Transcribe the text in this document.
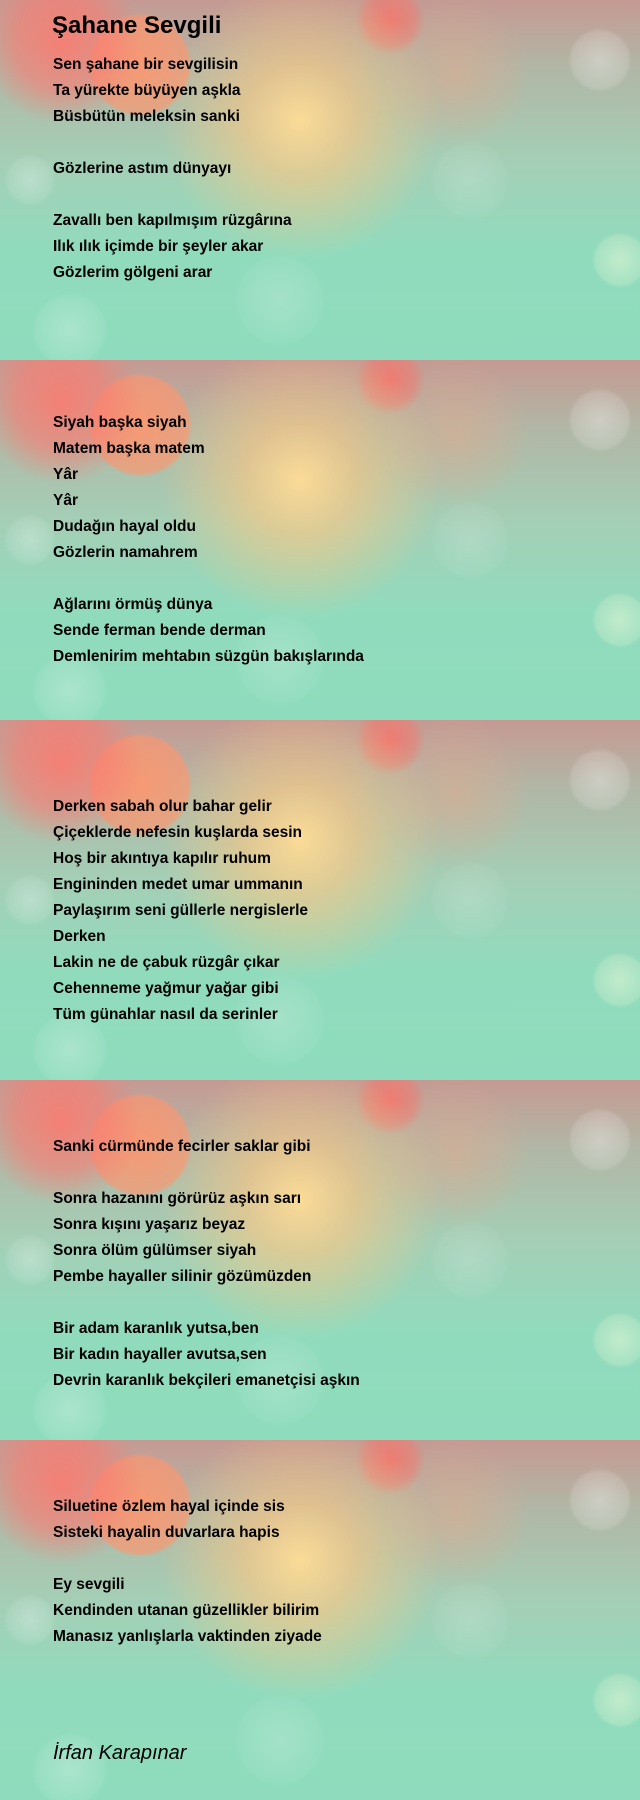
Şahane Sevgili
Sen şahane bir sevgilisin
Ta yürekte büyüyen aşkla
Büsbütün meleksin sanki
Gözlerine astım dünyayı
Zavallı ben kapılmışım rüzgârına
Ilık ılık içimde bir şeyler akar
Gözlerim gölgeni arar
Siyah başka siyah
Matem başka matem
Yâr
Yâr
Dudağın hayal oldu
Gözlerin namahrem
Ağlarını örmüş dünya
Sende ferman bende derman
Demlenirim mehtabın süzgün bakışlarında
Derken sabah olur bahar gelir
Çiçeklerde nefesin kuşlarda sesin
Hoş bir akıntıya kapılır ruhum
Engininden medet umar ummanın
Paylaşırım seni güllerle nergislerle
Derken
Lakin ne de çabuk rüzgâr çıkar
Cehenneme yağmur yağar gibi
Tüm günahlar nasıl da serinler
Sanki cürmünde fecirler saklar gibi
Sonra hazanını görürüz aşkın sarı
Sonra kışını yaşarız beyaz
Sonra ölüm gülümser siyah
Pembe hayaller silinir gözümüzden
Bir adam karanlık yutsa,ben
Bir kadın hayaller avutsa,sen
Devrin karanlık bekçileri emanetçisi aşkın
Siluetine özlem hayal içinde sis
Sisteki hayalin duvarlara hapis
Ey sevgili
Kendinden utanan güzellikler bilirim
Manasız yanlışlarla vaktinden ziyade

İrfan Karapınar
